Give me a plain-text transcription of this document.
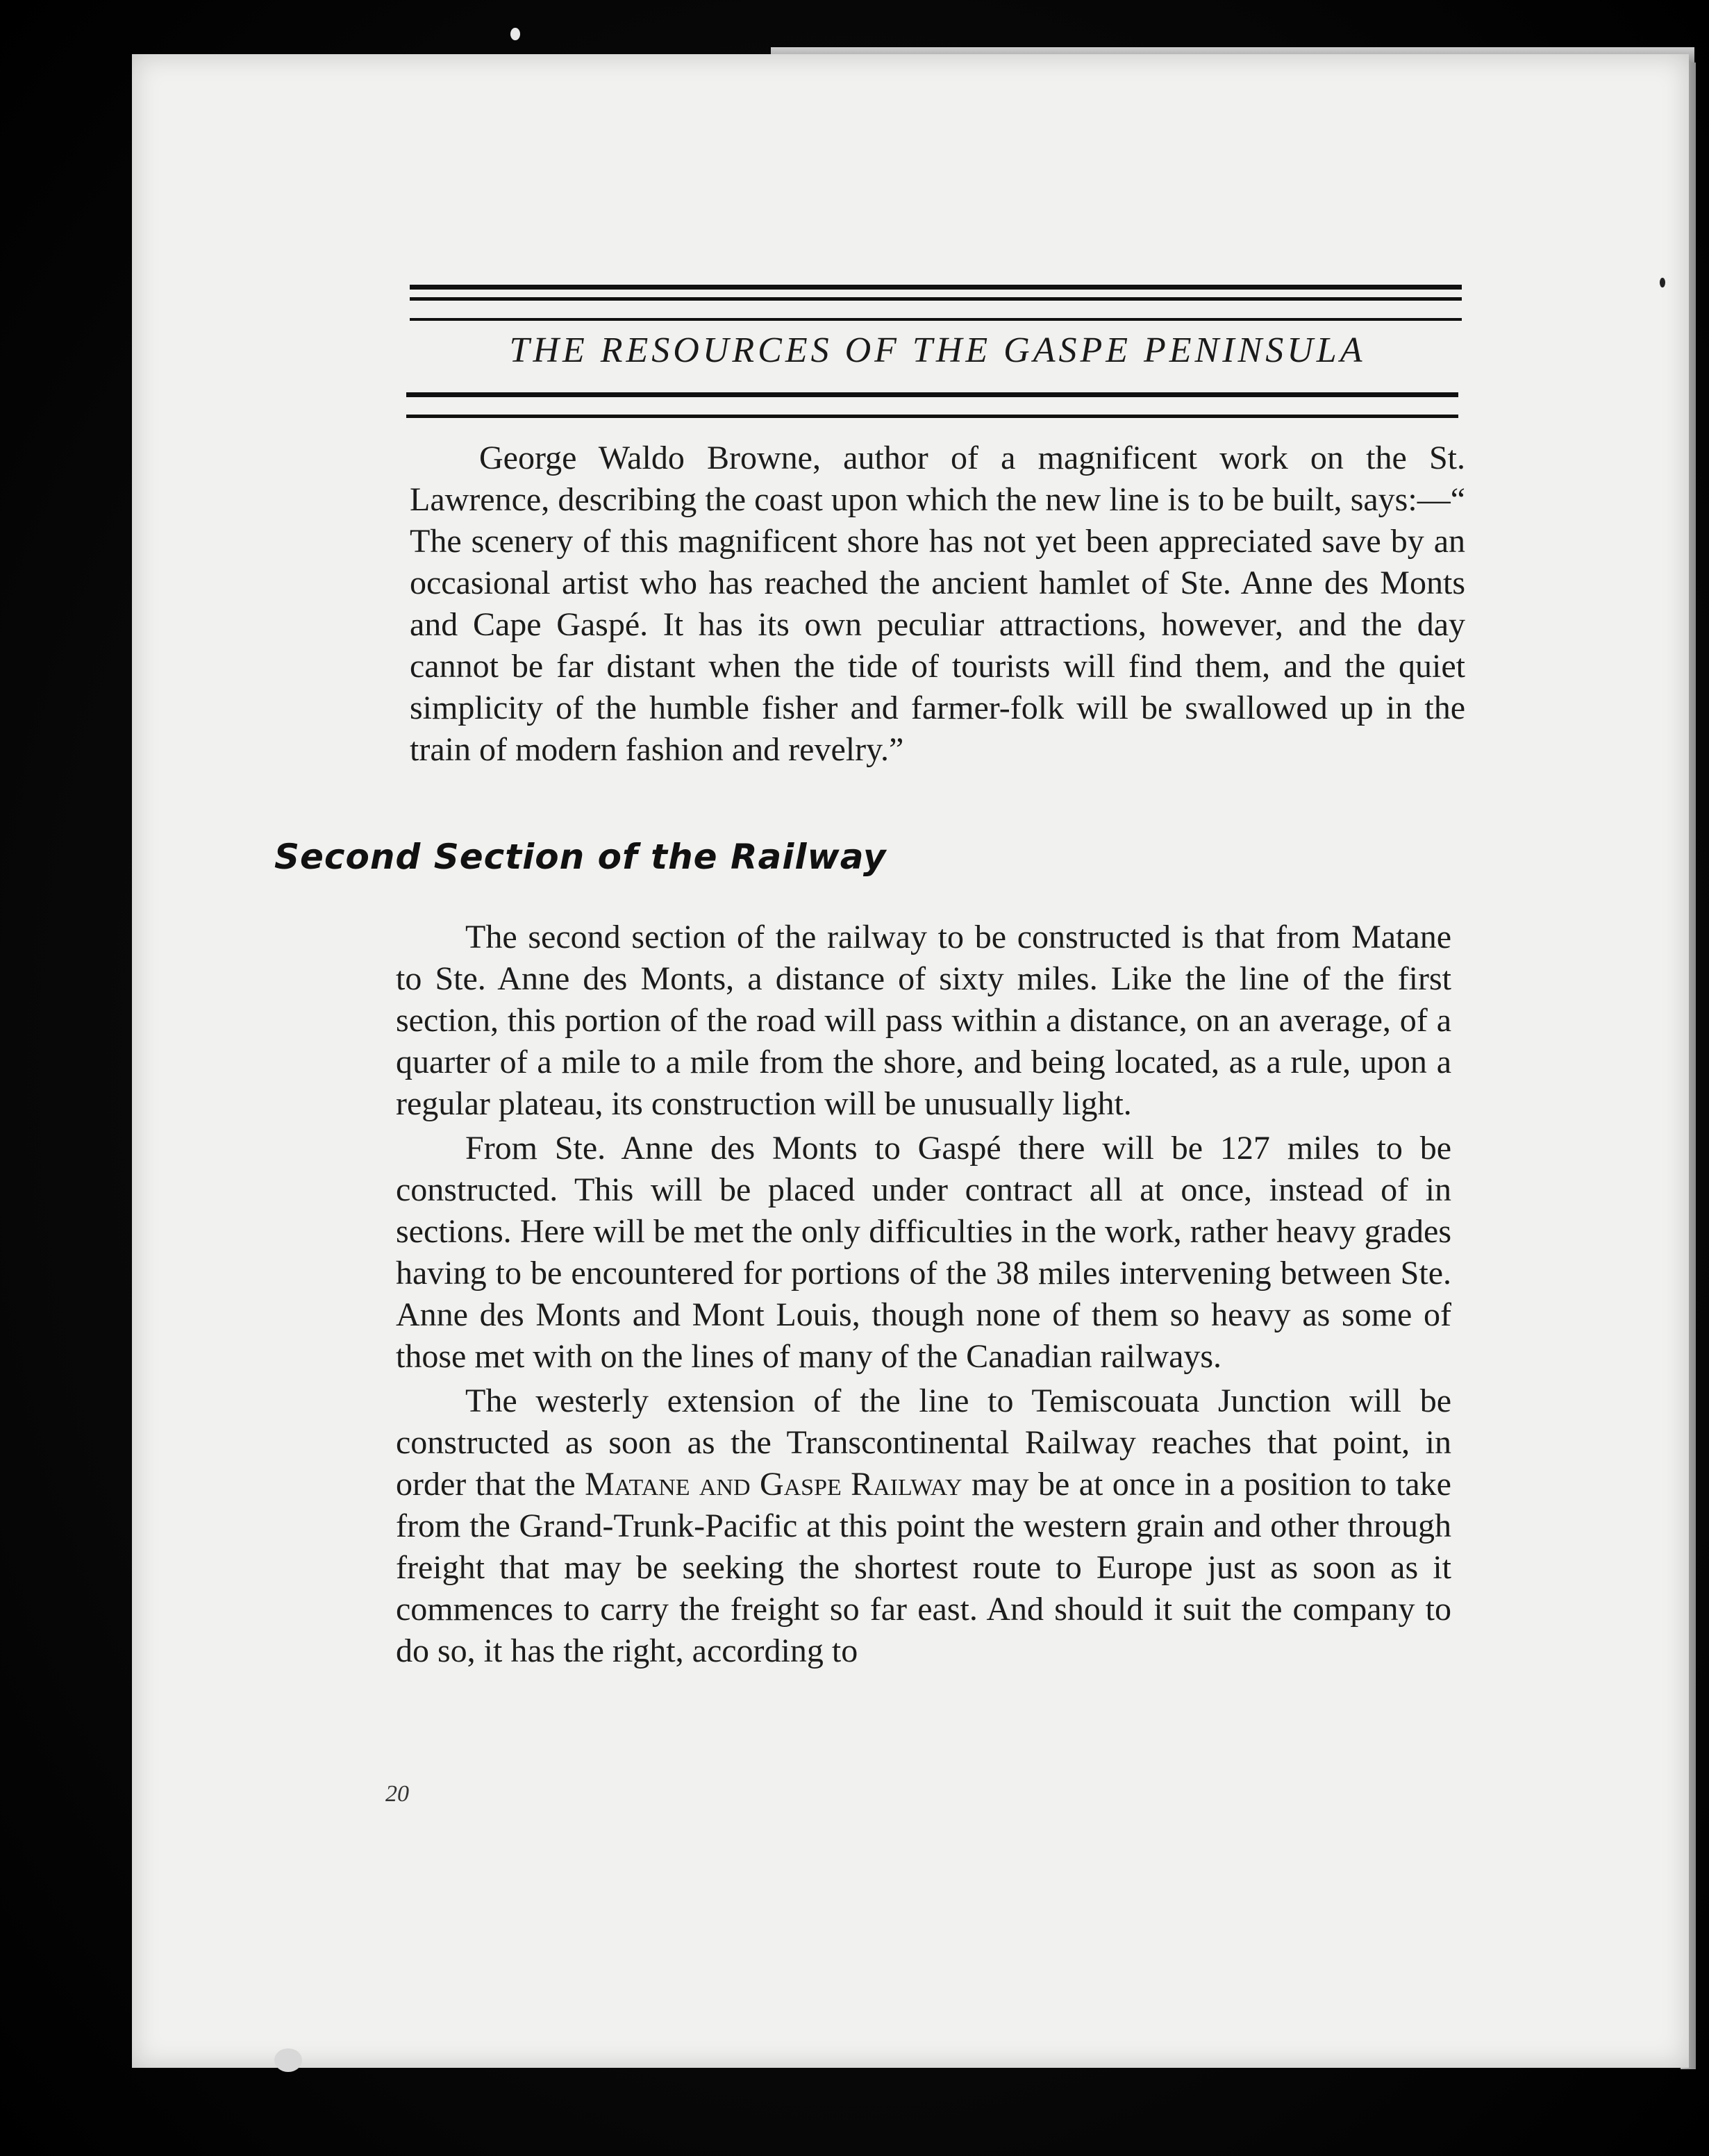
THE RESOURCES OF THE GASPE PENINSULA

George Waldo Browne, author of a magnificent work on the St. Lawrence, describing the coast upon which the new line is to be built, says:—“ The scenery of this magnificent shore has not yet been appreciated save by an occasional artist who has reached the ancient hamlet of Ste. Anne des Monts and Cape Gaspé. It has its own peculiar attractions, however, and the day cannot be far distant when the tide of tourists will find them, and the quiet simplicity of the humble fisher and farmer-folk will be swallowed up in the train of modern fashion and revelry.”

Second Section of the Railway

The second section of the railway to be constructed is that from Matane to Ste. Anne des Monts, a distance of sixty miles. Like the line of the first section, this portion of the road will pass within a distance, on an average, of a quarter of a mile to a mile from the shore, and being located, as a rule, upon a regular plateau, its construction will be unusually light.

From Ste. Anne des Monts to Gaspé there will be 127 miles to be constructed. This will be placed under contract all at once, instead of in sections. Here will be met the only difficulties in the work, rather heavy grades having to be encountered for portions of the 38 miles intervening between Ste. Anne des Monts and Mont Louis, though none of them so heavy as some of those met with on the lines of many of the Canadian railways.

The westerly extension of the line to Temiscouata Junction will be constructed as soon as the Transcontinental Railway reaches that point, in order that the Matane and Gaspe Railway may be at once in a position to take from the Grand-Trunk-Pacific at this point the western grain and other through freight that may be seeking the shortest route to Europe just as soon as it commences to carry the freight so far east. And should it suit the company to do so, it has the right, according to

20
